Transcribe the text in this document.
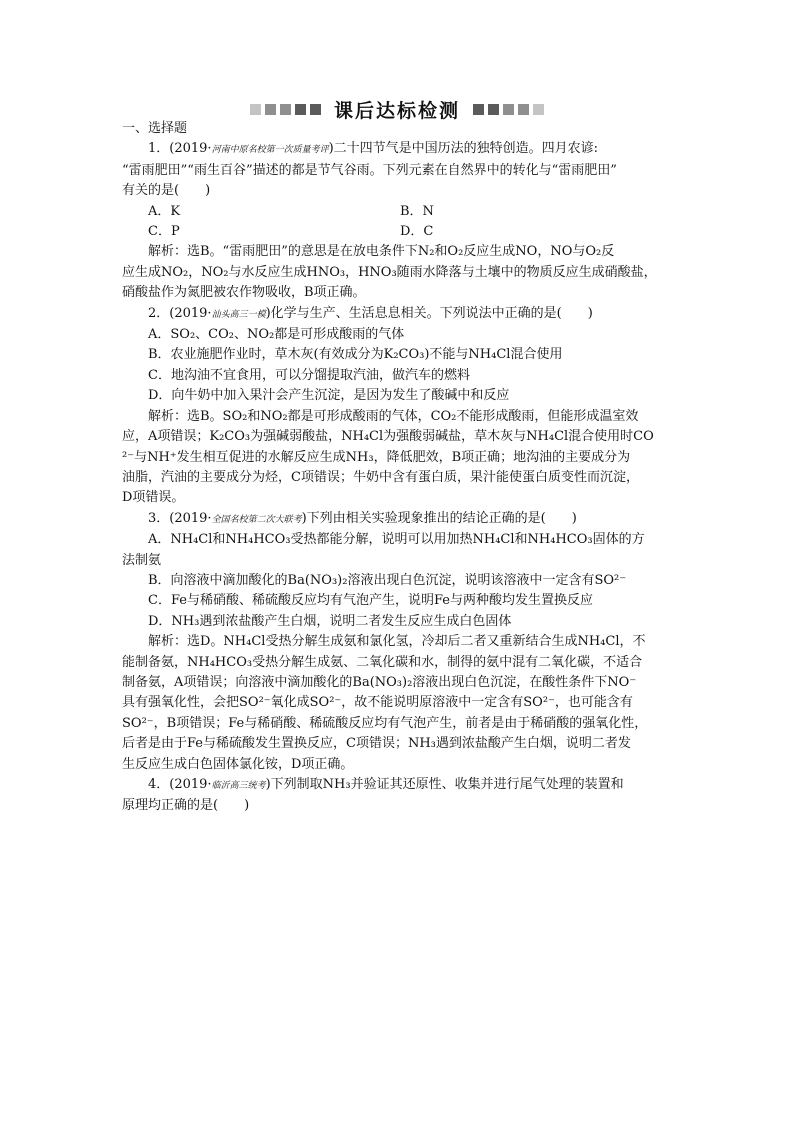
课后达标检测

一、选择题

1．(2019·河南中原名校第一次质量考评)二十四节气是中国历法的独特创造。四月农谚:

“雷雨肥田”“雨生百谷”描述的都是节气谷雨。下列元素在自然界中的转化与“雷雨肥田”

有关的是(　　)

A．K	B．N
C．P	D．C

解析：选B。“雷雨肥田”的意思是在放电条件下N₂和O₂反应生成NO，NO与O₂反

应生成NO₂，NO₂与水反应生成HNO₃，HNO₃随雨水降落与土壤中的物质反应生成硝酸盐，

硝酸盐作为氮肥被农作物吸收，B项正确。

2．(2019·汕头高三一模)化学与生产、生活息息相关。下列说法中正确的是(　　)

A．SO₂、CO₂、NO₂都是可形成酸雨的气体

B．农业施肥作业时，草木灰(有效成分为K₂CO₃)不能与NH₄Cl混合使用

C．地沟油不宜食用，可以分馏提取汽油，做汽车的燃料

D．向牛奶中加入果汁会产生沉淀，是因为发生了酸碱中和反应

解析：选B。SO₂和NO₂都是可形成酸雨的气体，CO₂不能形成酸雨，但能形成温室效

应，A项错误；K₂CO₃为强碱弱酸盐，NH₄Cl为强酸弱碱盐，草木灰与NH₄Cl混合使用时CO

²⁻与NH⁺发生相互促进的水解反应生成NH₃，降低肥效，B项正确；地沟油的主要成分为

油脂，汽油的主要成分为烃，C项错误；牛奶中含有蛋白质，果汁能使蛋白质变性而沉淀，

D项错误。

3．(2019·全国名校第二次大联考)下列由相关实验现象推出的结论正确的是(　　)

A．NH₄Cl和NH₄HCO₃受热都能分解，说明可以用加热NH₄Cl和NH₄HCO₃固体的方

法制氨

B．向溶液中滴加酸化的Ba(NO₃)₂溶液出现白色沉淀，说明该溶液中一定含有SO²⁻

C．Fe与稀硝酸、稀硫酸反应均有气泡产生，说明Fe与两种酸均发生置换反应

D．NH₃遇到浓盐酸产生白烟，说明二者发生反应生成白色固体

解析：选D。NH₄Cl受热分解生成氨和氯化氢，冷却后二者又重新结合生成NH₄Cl，不

能制备氨，NH₄HCO₃受热分解生成氨、二氧化碳和水，制得的氨中混有二氧化碳，不适合

制备氨，A项错误；向溶液中滴加酸化的Ba(NO₃)₂溶液出现白色沉淀，在酸性条件下NO⁻

具有强氧化性，会把SO²⁻氧化成SO²⁻，故不能说明原溶液中一定含有SO²⁻，也可能含有

SO²⁻，B项错误；Fe与稀硝酸、稀硫酸反应均有气泡产生，前者是由于稀硝酸的强氧化性，

后者是由于Fe与稀硫酸发生置换反应，C项错误；NH₃遇到浓盐酸产生白烟，说明二者发

生反应生成白色固体氯化铵，D项正确。

4．(2019·临沂高三统考)下列制取NH₃并验证其还原性、收集并进行尾气处理的装置和

原理均正确的是(　　)
